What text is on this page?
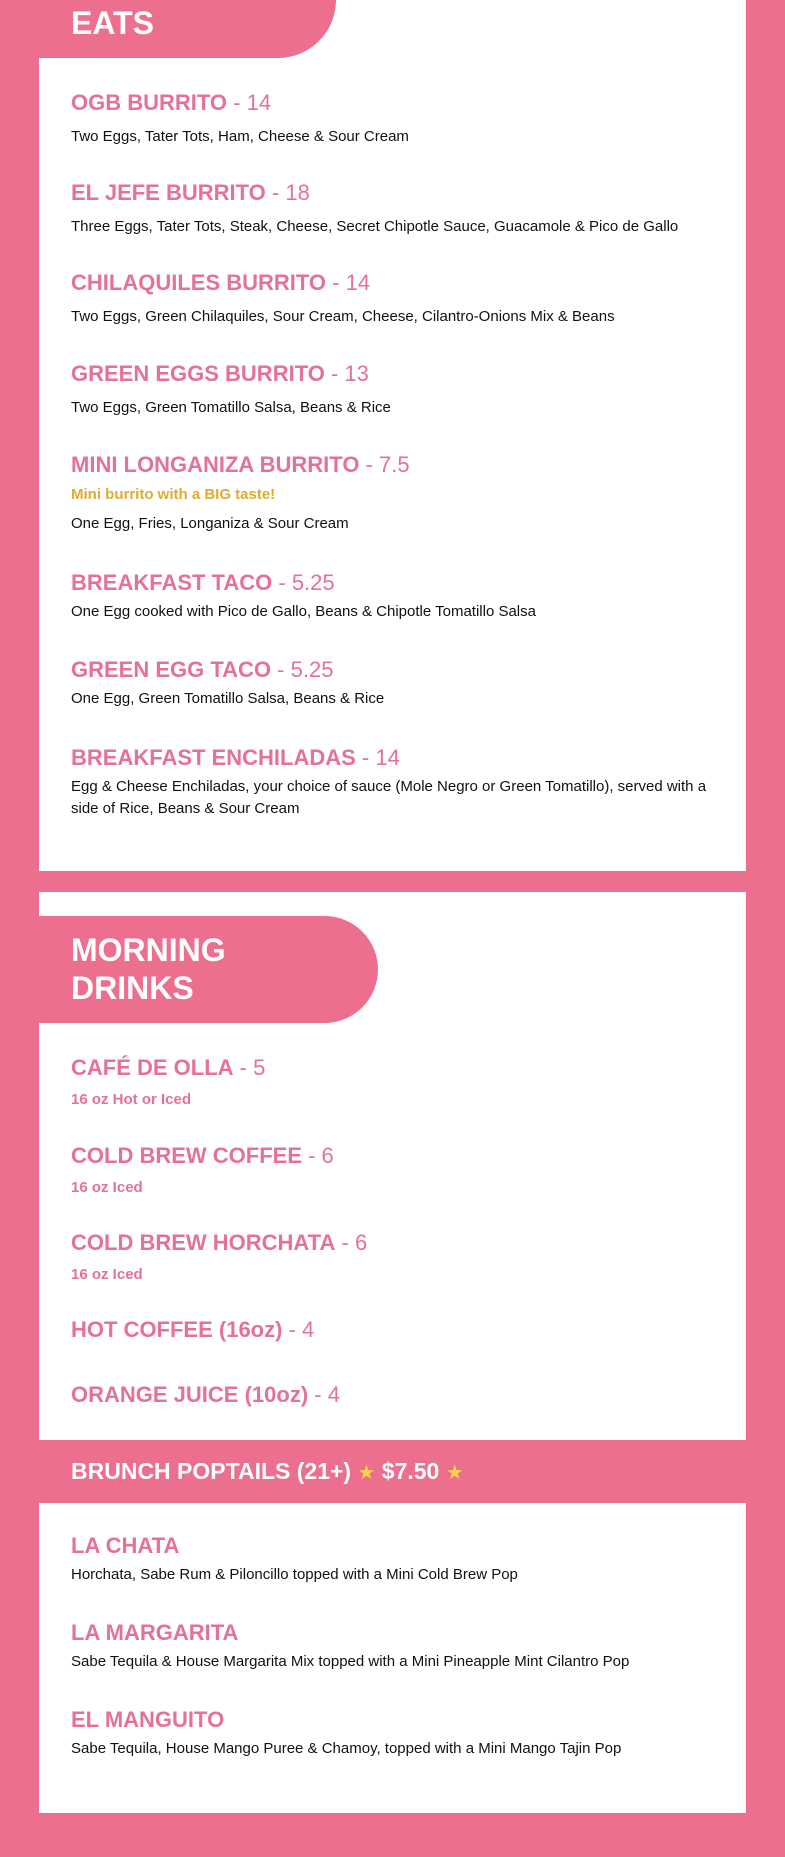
EATS
OGB BURRITO - 14
Two Eggs, Tater Tots, Ham, Cheese & Sour Cream
EL JEFE BURRITO - 18
Three Eggs, Tater Tots, Steak, Cheese, Secret Chipotle Sauce, Guacamole & Pico de Gallo
CHILAQUILES BURRITO - 14
Two Eggs, Green Chilaquiles, Sour Cream, Cheese, Cilantro-Onions Mix & Beans
GREEN EGGS BURRITO - 13
Two Eggs, Green Tomatillo Salsa, Beans & Rice
MINI LONGANIZA BURRITO - 7.5
Mini burrito with a BIG taste!
One Egg, Fries, Longaniza & Sour Cream
BREAKFAST TACO - 5.25
One Egg cooked with Pico de Gallo, Beans & Chipotle Tomatillo Salsa
GREEN EGG TACO - 5.25
One Egg, Green Tomatillo Salsa, Beans & Rice
BREAKFAST ENCHILADAS - 14
Egg & Cheese Enchiladas, your choice of sauce (Mole Negro or Green Tomatillo), served with a side of Rice, Beans & Sour Cream
MORNING
DRINKS
CAFÉ DE OLLA - 5
16 oz Hot or Iced
COLD BREW COFFEE - 6
16 oz Iced
COLD BREW HORCHATA - 6
16 oz Iced
HOT COFFEE (16oz) - 4
ORANGE JUICE (10oz) - 4
BRUNCH POPTAILS (21+) ★ $7.50 ★
LA CHATA
Horchata, Sabe Rum & Piloncillo topped with a Mini Cold Brew Pop
LA MARGARITA
Sabe Tequila & House Margarita Mix topped with a Mini Pineapple Mint Cilantro Pop
EL MANGUITO
Sabe Tequila, House Mango Puree & Chamoy, topped with a Mini Mango Tajin Pop
